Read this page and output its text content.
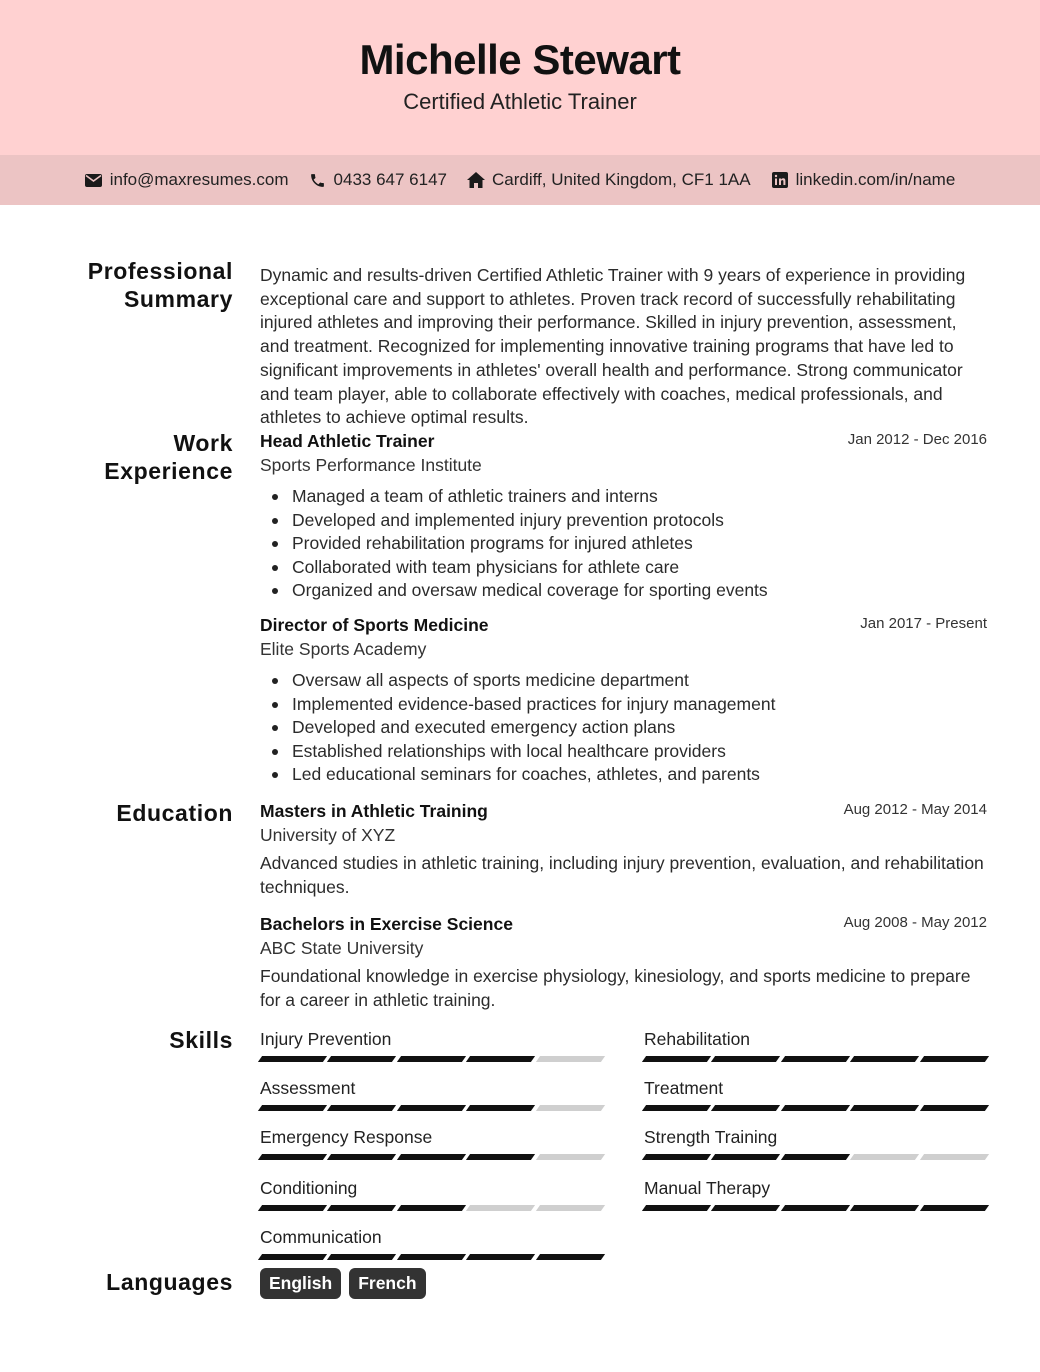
Michelle Stewart
Certified Athletic Trainer
info@maxresumes.com	0433 647 6147	Cardiff, United Kingdom, CF1 1AA	linkedin.com/in/name
Professional
Summary
Dynamic and results-driven Certified Athletic Trainer with 9 years of experience in providing exceptional care and support to athletes. Proven track record of successfully rehabilitating injured athletes and improving their performance. Skilled in injury prevention, assessment, and treatment. Recognized for implementing innovative training programs that have led to significant improvements in athletes' overall health and performance. Strong communicator and team player, able to collaborate effectively with coaches, medical professionals, and athletes to achieve optimal results.
Work
Experience
Head Athletic Trainer	Jan 2012 - Dec 2016
Sports Performance Institute
Managed a team of athletic trainers and interns
Developed and implemented injury prevention protocols
Provided rehabilitation programs for injured athletes
Collaborated with team physicians for athlete care
Organized and oversaw medical coverage for sporting events
Director of Sports Medicine	Jan 2017 - Present
Elite Sports Academy
Oversaw all aspects of sports medicine department
Implemented evidence-based practices for injury management
Developed and executed emergency action plans
Established relationships with local healthcare providers
Led educational seminars for coaches, athletes, and parents
Education Masters in Athletic Training	Aug 2012 - May 2014
University of XYZ
Advanced studies in athletic training, including injury prevention, evaluation, and rehabilitation techniques.
Bachelors in Exercise Science	Aug 2008 - May 2012
ABC State University
Foundational knowledge in exercise physiology, kinesiology, and sports medicine to prepare for a career in athletic training.
Skills Injury Prevention	Rehabilitation
Assessment	Treatment
Emergency Response	Strength Training
Conditioning	Manual Therapy
Communication
Languages	English	French
